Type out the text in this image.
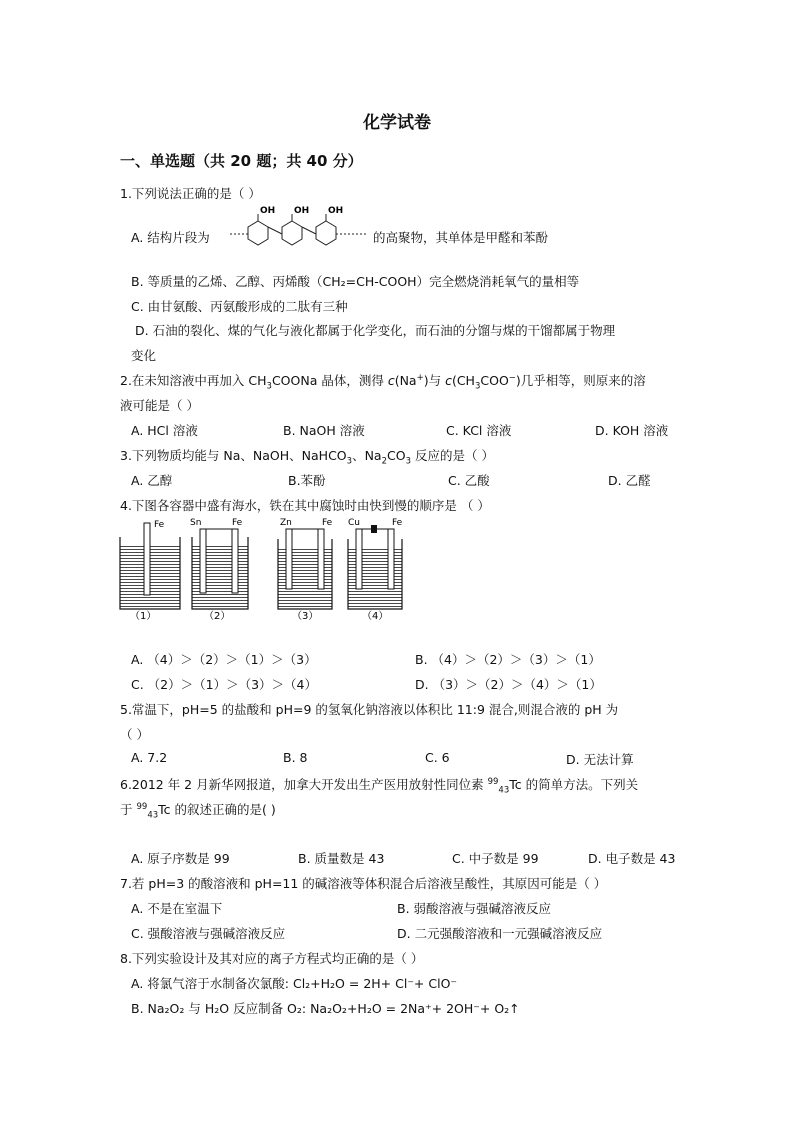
化学试卷
一、单选题（共 20 题；共 40 分）
1.下列说法正确的是（ ）
A. 结构片段为
OH OH OH
的高聚物，其单体是甲醛和苯酚
B. 等质量的乙烯、乙醇、丙烯酸（CH₂=CH-COOH）完全燃烧消耗氧气的量相等
C. 由甘氨酸、丙氨酸形成的二肽有三种
D. 石油的裂化、煤的气化与液化都属于化学变化，而石油的分馏与煤的干馏都属于物理
变化
2.在未知溶液中再加入 $CH_3COONa$ 晶体，测得 c(Na+)与 $c(CH_3COO^-)$几乎相等，则原来的溶
液可能是（ ）
A. HCl 溶液	B. NaOH 溶液	C. KCl 溶液	D. KOH 溶液
3.下列物质均能与 Na、NaOH、NaHCO$_3$、$Na_2CO_3$ 反应的是（ ）
A. 乙醇	B.苯酚	C. 乙酸	D. 乙醛
4.下图各容器中盛有海水，铁在其中腐蚀时由快到慢的顺序是 （ ）
Fe	Sn	Fe	Zn	Fe Cu	Fe
（1）	（2）	（3）	（4）
A. （4）＞（2）＞（1）＞（3）	B. （4）＞（2）＞（3）＞（1）
C. （2）＞（1）＞（3）＞（4）	D. （3）＞（2）＞（4）＞（1）
5.常温下，pH=5 的盐酸和 pH=9 的氢氧化钠溶液以体积比 11:9 混合,则混合液的 pH 为
（ ）
A. 7.2	B. 8	C. 6	D. 无法计算
6.2012 年 2 月新华网报道，加拿大开发出生产医用放射性同位素 $^{99}_{43}$Tc 的简单方法。下列关
于 $^{99}_{43}$Tc 的叙述正确的是( )
A. 原子序数是 99	B. 质量数是 43	C. 中子数是 99	D. 电子数是 43
7.若 pH=3 的酸溶液和 pH=11 的碱溶液等体积混合后溶液呈酸性，其原因可能是（ ）
A. 不是在室温下	B. 弱酸溶液与强碱溶液反应
C. 强酸溶液与强碱溶液反应	D. 二元强酸溶液和一元强碱溶液反应
8.下列实验设计及其对应的离子方程式均正确的是（ ）
A. 将氯气溶于水制备次氯酸: Cl₂+H₂O = 2H+ Cl⁻+ ClO⁻
B. Na₂O₂ 与 H₂O 反应制备 O₂: Na₂O₂+H₂O = 2Na⁺+ 2OH⁻+ O₂↑
